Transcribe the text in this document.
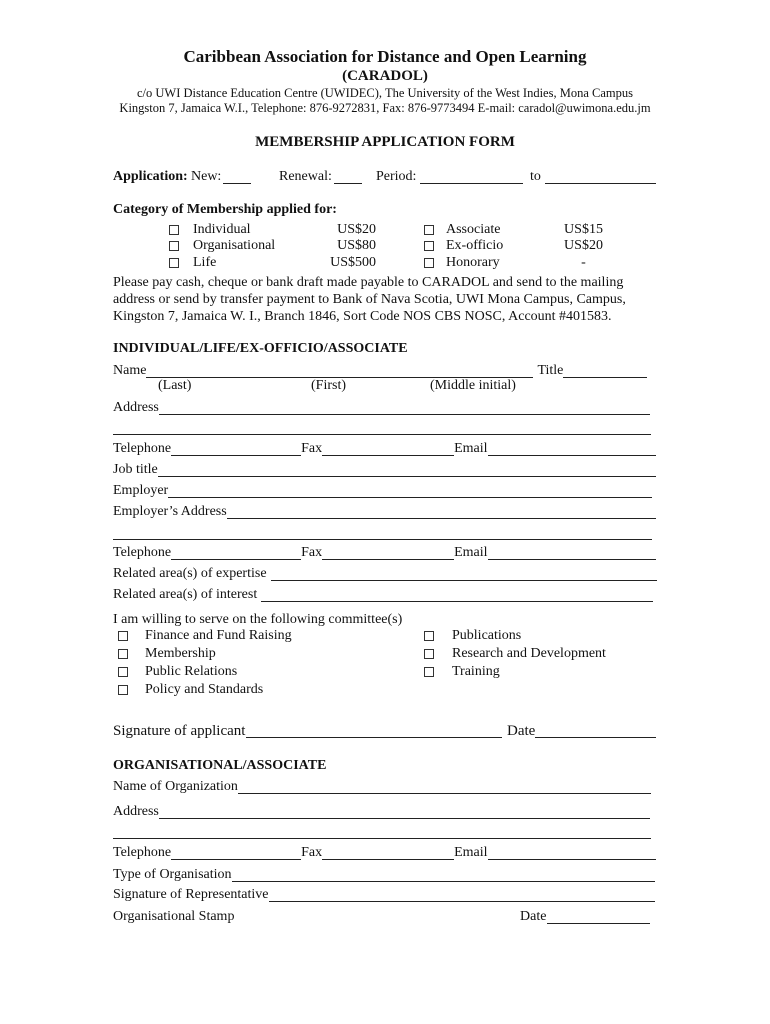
Caribbean Association for Distance and Open Learning
(CARADOL)
c/o UWI Distance Education Centre (UWIDEC), The University of the West Indies, Mona Campus
Kingston 7, Jamaica W.I., Telephone: 876-9272831, Fax: 876-9773494 E-mail: caradol@uwimona.edu.jm
MEMBERSHIP APPLICATION FORM
Application: New:	Renewal:	Period:	to
Category of Membership applied for:
Individual	US$20	Associate	US$15
Organisational	US$80	Ex-officio	US$20
Life	US$500	Honorary	-
Please pay cash, cheque or bank draft made payable to CARADOL and send to the mailing
address or send by transfer payment to Bank of Nava Scotia, UWI Mona Campus, Campus,
Kingston 7, Jamaica W. I., Branch 1846, Sort Code NOS CBS NOSC, Account #401583.
INDIVIDUAL/LIFE/EX-OFFICIO/ASSOCIATE
Name	Title
(Last)	(First)	(Middle initial)
Address
Telephone	Fax	Email
Job title
Employer
Employer’s Address
Telephone	Fax	Email
Related area(s) of expertise
Related area(s) of interest
I am willing to serve on the following committee(s)
Finance and Fund Raising	Publications
Membership	Research and Development
Public Relations	Training
Policy and Standards
Signature of applicant	Date
ORGANISATIONAL/ASSOCIATE
Name of Organization
Address
Telephone	Fax	Email
Type of Organisation
Signature of Representative
Organisational Stamp	Date
